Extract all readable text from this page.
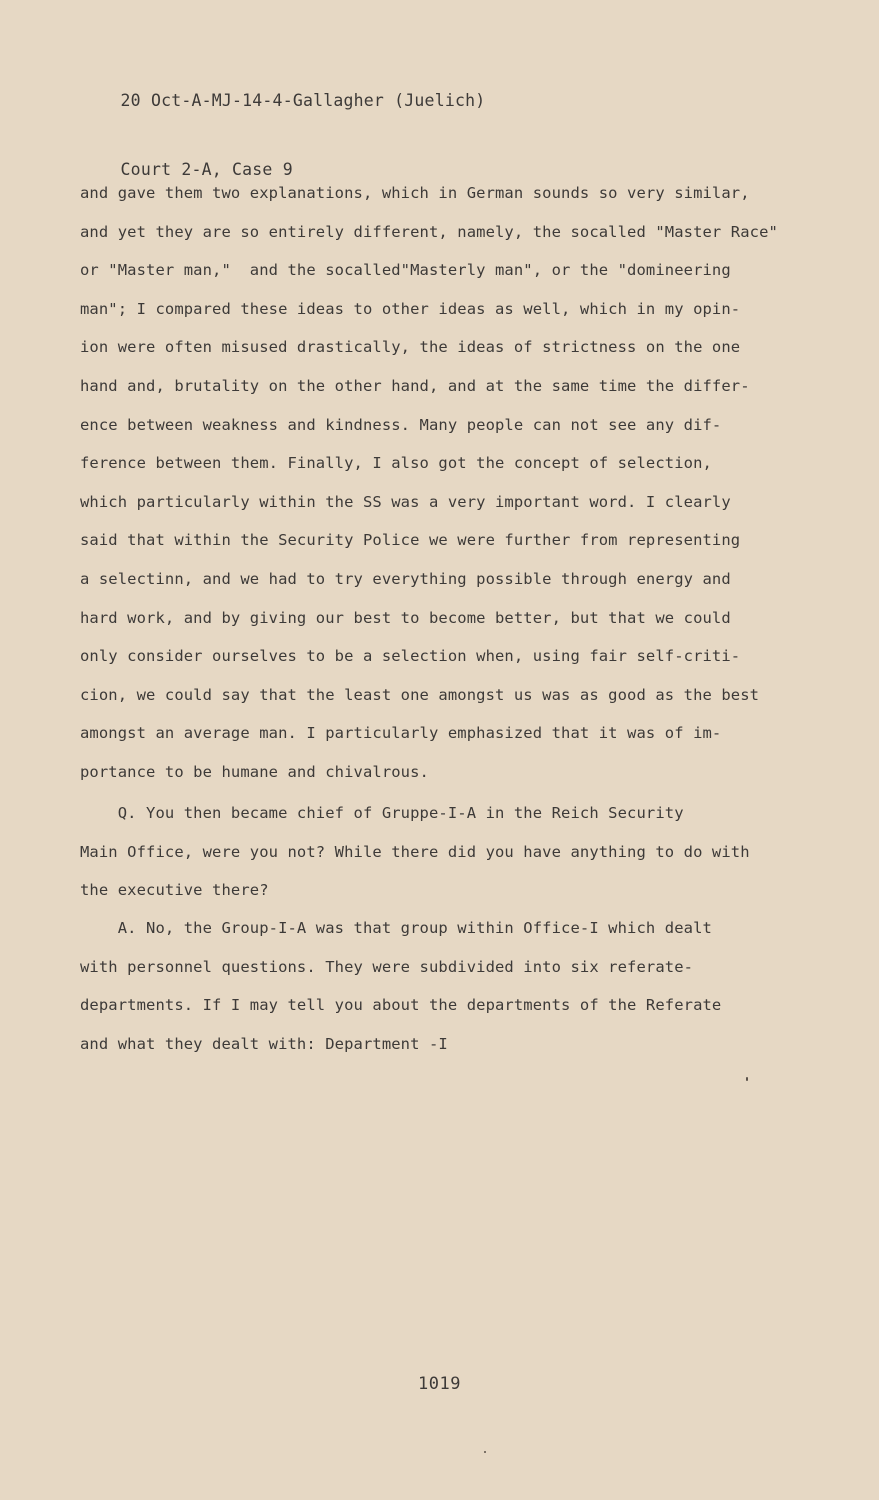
20 Oct-A-MJ-14-4-Gallagher (Juelich)

Court 2-A, Case 9

and gave them two explanations, which in German sounds so very similar,
and yet they are so entirely different, namely, the socalled "Master Race"
or "Master man,"  and the socalled"Masterly man", or the "domineering
man"; I compared these ideas to other ideas as well, which in my opin-
ion were often misused drastically, the ideas of strictness on the one
hand and, brutality on the other hand, and at the same time the differ-
ence between weakness and kindness. Many people can not see any dif-
ference between them. Finally, I also got the concept of selection,
which particularly within the SS was a very important word. I clearly
said that within the Security Police we were further from representing
a selectinn, and we had to try everything possible through energy and
hard work, and by giving our best to become better, but that we could
only consider ourselves to be a selection when, using fair self-criti-
cion, we could say that the least one amongst us was as good as the best
amongst an average man. I particularly emphasized that it was of im-
portance to be humane and chivalrous.
Q. You then became chief of Gruppe-I-A in the Reich Security
Main Office, were you not? While there did you have anything to do with
the executive there?
A. No, the Group-I-A was that group within Office-I which dealt
with personnel questions. They were subdivided into six referate-
departments. If I may tell you about the departments of the Referate
and what they dealt with: Department -I
1019
